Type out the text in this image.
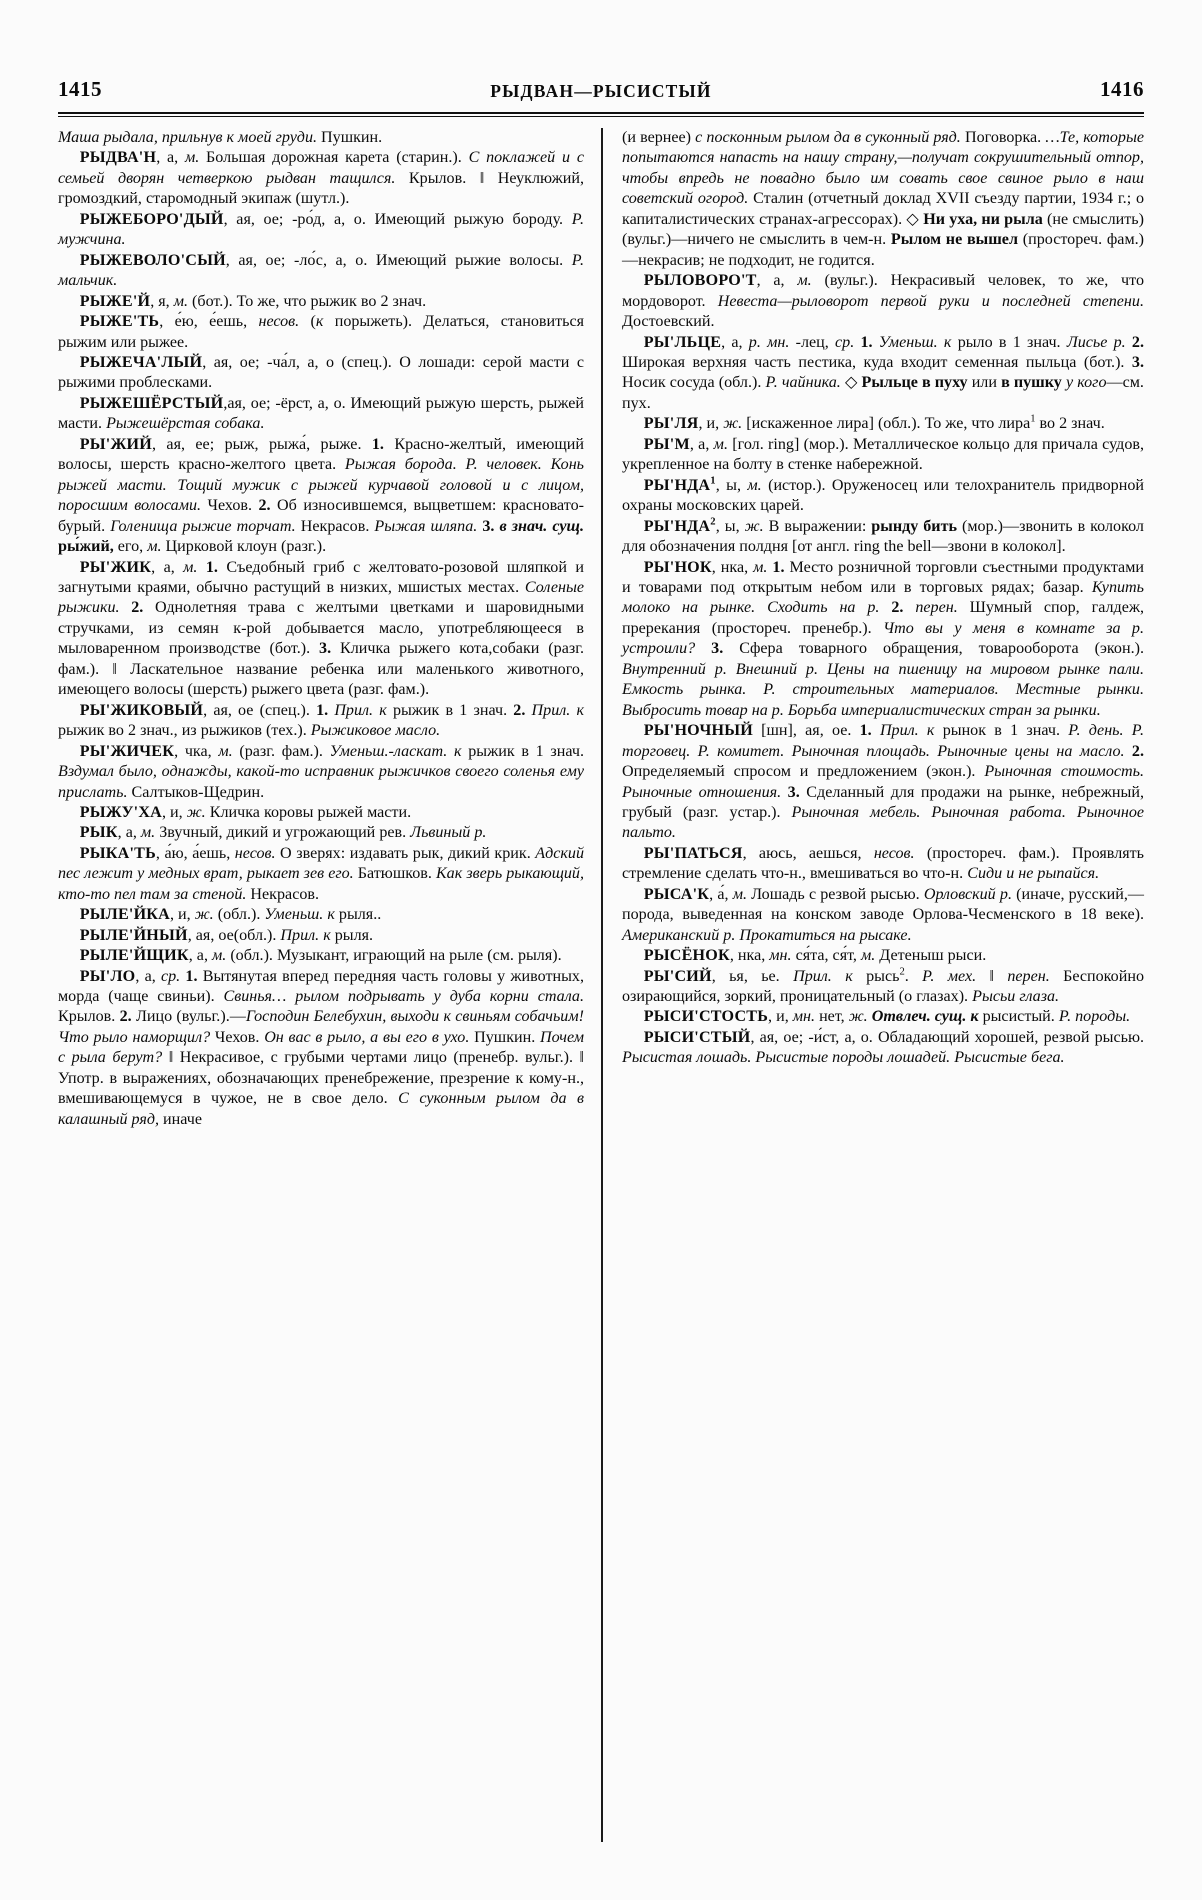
1415	РЫДВАН—РЫСИСТЫЙ	1416

Маша рыдала, прильнув к моей груди. Пушкин.

РЫДВА'Н, а, м. Большая дорожная карета (старин.). С поклажей и с семьей дворян четверкою рыдван тащился. Крылов. ‖ Неуклюжий, громоздкий, старомодный экипаж (шутл.).

РЫЖЕБОРО'ДЫЙ, ая, ое; -ро́д, а, о. Имеющий рыжую бороду. Р. мужчина.

РЫЖЕВОЛО'СЫЙ, ая, ое; -ло́с, а, о. Имеющий рыжие волосы. Р. мальчик.

РЫЖЕ'Й, я, м. (бот.). То же, что рыжик во 2 знач.

РЫЖЕ'ТЬ, е́ю, е́ешь, несов. (к порыжеть). Делаться, становиться рыжим или рыжее.

РЫЖЕЧА'ЛЫЙ, ая, ое; -ча́л, а, о (спец.). О лошади: серой масти с рыжими проблесками.

РЫЖЕШЁРСТЫЙ,ая, ое; -ёрст, а, о. Имеющий рыжую шерсть, рыжей масти. Рыжешёрстая собака.

РЫ'ЖИЙ, ая, ее; рыж, рыжа́, рыже. 1. Красно-желтый, имеющий волосы, шерсть красно-желтого цвета. Рыжая борода. Р. человек. Конь рыжей масти. Тощий мужик с рыжей курчавой головой и с лицом, поросшим волосами. Чехов. 2. Об износившемся, выцветшем: красновато-бурый. Голенища рыжие торчат. Некрасов. Рыжая шляпа. 3. в знач. сущ. ры́жий, его, м. Цирковой клоун (разг.).

РЫ'ЖИК, а, м. 1. Съедобный гриб с желтовато-розовой шляпкой и загнутыми краями, обычно растущий в низких, мшистых местах. Соленые рыжики. 2. Однолетняя трава с желтыми цветками и шаровидными стручками, из семян к-рой добывается масло, употребляющееся в мыловаренном производстве (бот.). 3. Кличка рыжего кота,собаки (разг. фам.). ‖ Ласкательное название ребенка или маленького животного, имеющего волосы (шерсть) рыжего цвета (разг. фам.).

РЫ'ЖИКОВЫЙ, ая, ое (спец.). 1. Прил. к рыжик в 1 знач. 2. Прил. к рыжик во 2 знач., из рыжиков (тех.). Рыжиковое масло.

РЫ'ЖИЧЕК, чка, м. (разг. фам.). Уменьш.-ласкат. к рыжик в 1 знач. Вздумал было, однажды, какой-то исправник рыжичков своего соленья ему прислать. Салтыков-Щедрин.

РЫЖУ'ХА, и, ж. Кличка коровы рыжей масти.

РЫК, а, м. Звучный, дикий и угрожающий рев. Львиный р.

РЫКА'ТЬ, а́ю, а́ешь, несов. О зверях: издавать рык, дикий крик. Адский пес лежит у медных врат, рыкает зев его. Батюшков. Как зверь рыкающий, кто-то пел там за стеной. Некрасов.

РЫЛЕ'ЙКА, и, ж. (обл.). Уменьш. к рыля..

РЫЛЕ'ЙНЫЙ, ая, ое(обл.). Прил. к рыля.

РЫЛЕ'ЙЩИК, а, м. (обл.). Музыкант, играющий на рыле (см. рыля).

РЫ'ЛО, а, ср. 1. Вытянутая вперед передняя часть головы у животных, морда (чаще свиньи). Свинья… рылом подрывать у дуба корни стала. Крылов. 2. Лицо (вульг.).—Господин Белебухин, выходи к свиньям собачьим! Что рыло наморщил? Чехов. Он вас в рыло, а вы его в ухо. Пушкин. Почем с рыла берут? ‖ Некрасивое, с грубыми чертами лицо (пренебр. вульг.). ‖ Употр. в выражениях, обозначающих пренебрежение, презрение к кому-н., вмешивающемуся в чужое, не в свое дело. С суконным рылом да в калашный ряд, иначе

(и вернее) с посконным рылом да в суконный ряд. Поговорка. …Те, которые попытаются напасть на нашу страну,—получат сокрушительный отпор, чтобы впредь не повадно было им совать свое свиное рыло в наш советский огород. Сталин (отчетный доклад XVII съезду партии, 1934 г.; о капиталистических странах-агрессорах). ◇ Ни уха, ни рыла (не смыслить) (вульг.)—ничего не смыслить в чем-н. Рылом не вышел (простореч. фам.)—некрасив; не подходит, не годится.

РЫЛОВОРО'Т, а, м. (вульг.). Некрасивый человек, то же, что мордоворот. Невеста—рыловорот первой руки и последней степени. Достоевский.

РЫ'ЛЬЦЕ, а, р. мн. -лец, ср. 1. Уменьш. к рыло в 1 знач. Лисье р. 2. Широкая верхняя часть пестика, куда входит семенная пыльца (бот.). 3. Носик сосуда (обл.). Р. чайника. ◇ Рыльце в пуху или в пушку у кого—см. пух.

РЫ'ЛЯ, и, ж. [искаженное лира] (обл.). То же, что лира$^1$ во 2 знач.

РЫ'М, а, м. [гол. ring] (мор.). Металлическое кольцо для причала судов, укрепленное на болту в стенке набережной.

РЫ'НДА$^1$, ы, м. (истор.). Оруженосец или телохранитель придворной охраны московских царей.

РЫ'НДА$^2$, ы, ж. В выражении: рынду бить (мор.)—звонить в колокол для обозначения полдня [от англ. ring the bell—звони в колокол].

РЫ'НОК, нка, м. 1. Место розничной торговли съестными продуктами и товарами под открытым небом или в торговых рядах; базар. Купить молоко на рынке. Сходить на р. 2. перен. Шумный спор, галдеж, пререкания (простореч. пренебр.). Что вы у меня в комнате за р. устроили? 3. Сфера товарного обращения, товарооборота (экон.). Внутренний р. Внешний р. Цены на пшеницу на мировом рынке пали. Емкость рынка. Р. строительных материалов. Местные рынки. Выбросить товар на р. Борьба империалистических стран за рынки.

РЫ'НОЧНЫЙ [шн], ая, ое. 1. Прил. к рынок в 1 знач. Р. день. Р. торговец. Р. комитет. Рыночная площадь. Рыночные цены на масло. 2. Определяемый спросом и предложением (экон.). Рыночная стоимость. Рыночные отношения. 3. Сделанный для продажи на рынке, небрежный, грубый (разг. устар.). Рыночная мебель. Рыночная работа. Рыночное пальто.

РЫ'ПАТЬСЯ, аюсь, аешься, несов. (простореч. фам.). Проявлять стремление сделать что-н., вмешиваться во что-н. Сиди и не рыпайся.

РЫСА'К, а́, м. Лошадь с резвой рысью. Орловский р. (иначе, русский,—порода, выведенная на конском заводе Орлова-Чесменского в 18 веке). Американский р. Прокатиться на рысаке.

РЫСЁНОК, нка, мн. ся́та, ся́т, м. Детеныш рыси.

РЫ'СИЙ, ья, ье. Прил. к рысь$^2$. Р. мех. ‖ перен. Беспокойно озирающийся, зоркий, проницательный (о глазах). Рысьи глаза.

РЫСИ'СТОСТЬ, и, мн. нет, ж. Отвлеч. сущ. к рысистый. Р. породы.

РЫСИ'СТЫЙ, ая, ое; -и́ст, а, о. Обладающий хорошей, резвой рысью. Рысистая лошадь. Рысистые породы лошадей. Рысистые бега.
